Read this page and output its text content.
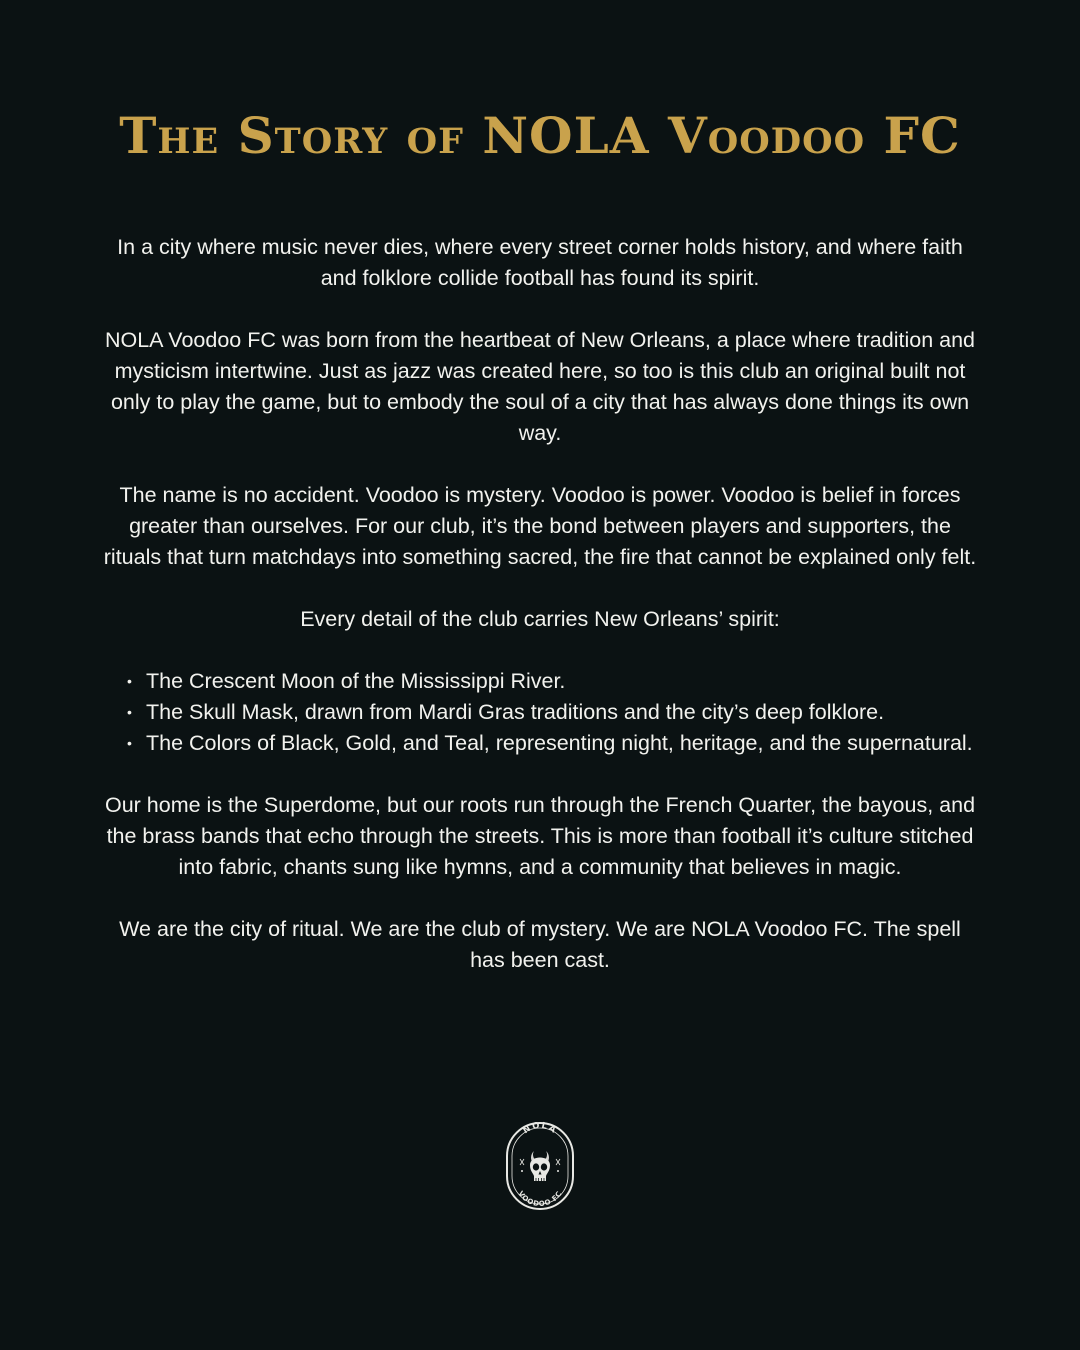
The Story of NOLA Voodoo FC

In a city where music never dies, where every street corner holds history, and where faith and folklore collide football has found its spirit.

NOLA Voodoo FC was born from the heartbeat of New Orleans, a place where tradition and mysticism intertwine. Just as jazz was created here, so too is this club an original built not only to play the game, but to embody the soul of a city that has always done things its own way.

The name is no accident. Voodoo is mystery. Voodoo is power. Voodoo is belief in forces greater than ourselves. For our club, it’s the bond between players and supporters, the rituals that turn matchdays into something sacred, the fire that cannot be explained only felt.

Every detail of the club carries New Orleans’ spirit:

• The Crescent Moon of the Mississippi River.
• The Skull Mask, drawn from Mardi Gras traditions and the city’s deep folklore.
• The Colors of Black, Gold, and Teal, representing night, heritage, and the supernatural.

Our home is the Superdome, but our roots run through the French Quarter, the bayous, and the brass bands that echo through the streets. This is more than football it’s culture stitched into fabric, chants sung like hymns, and a community that believes in magic.

We are the city of ritual. We are the club of mystery. We are NOLA Voodoo FC. The spell has been cast.

NOLA
VOODOO FC
